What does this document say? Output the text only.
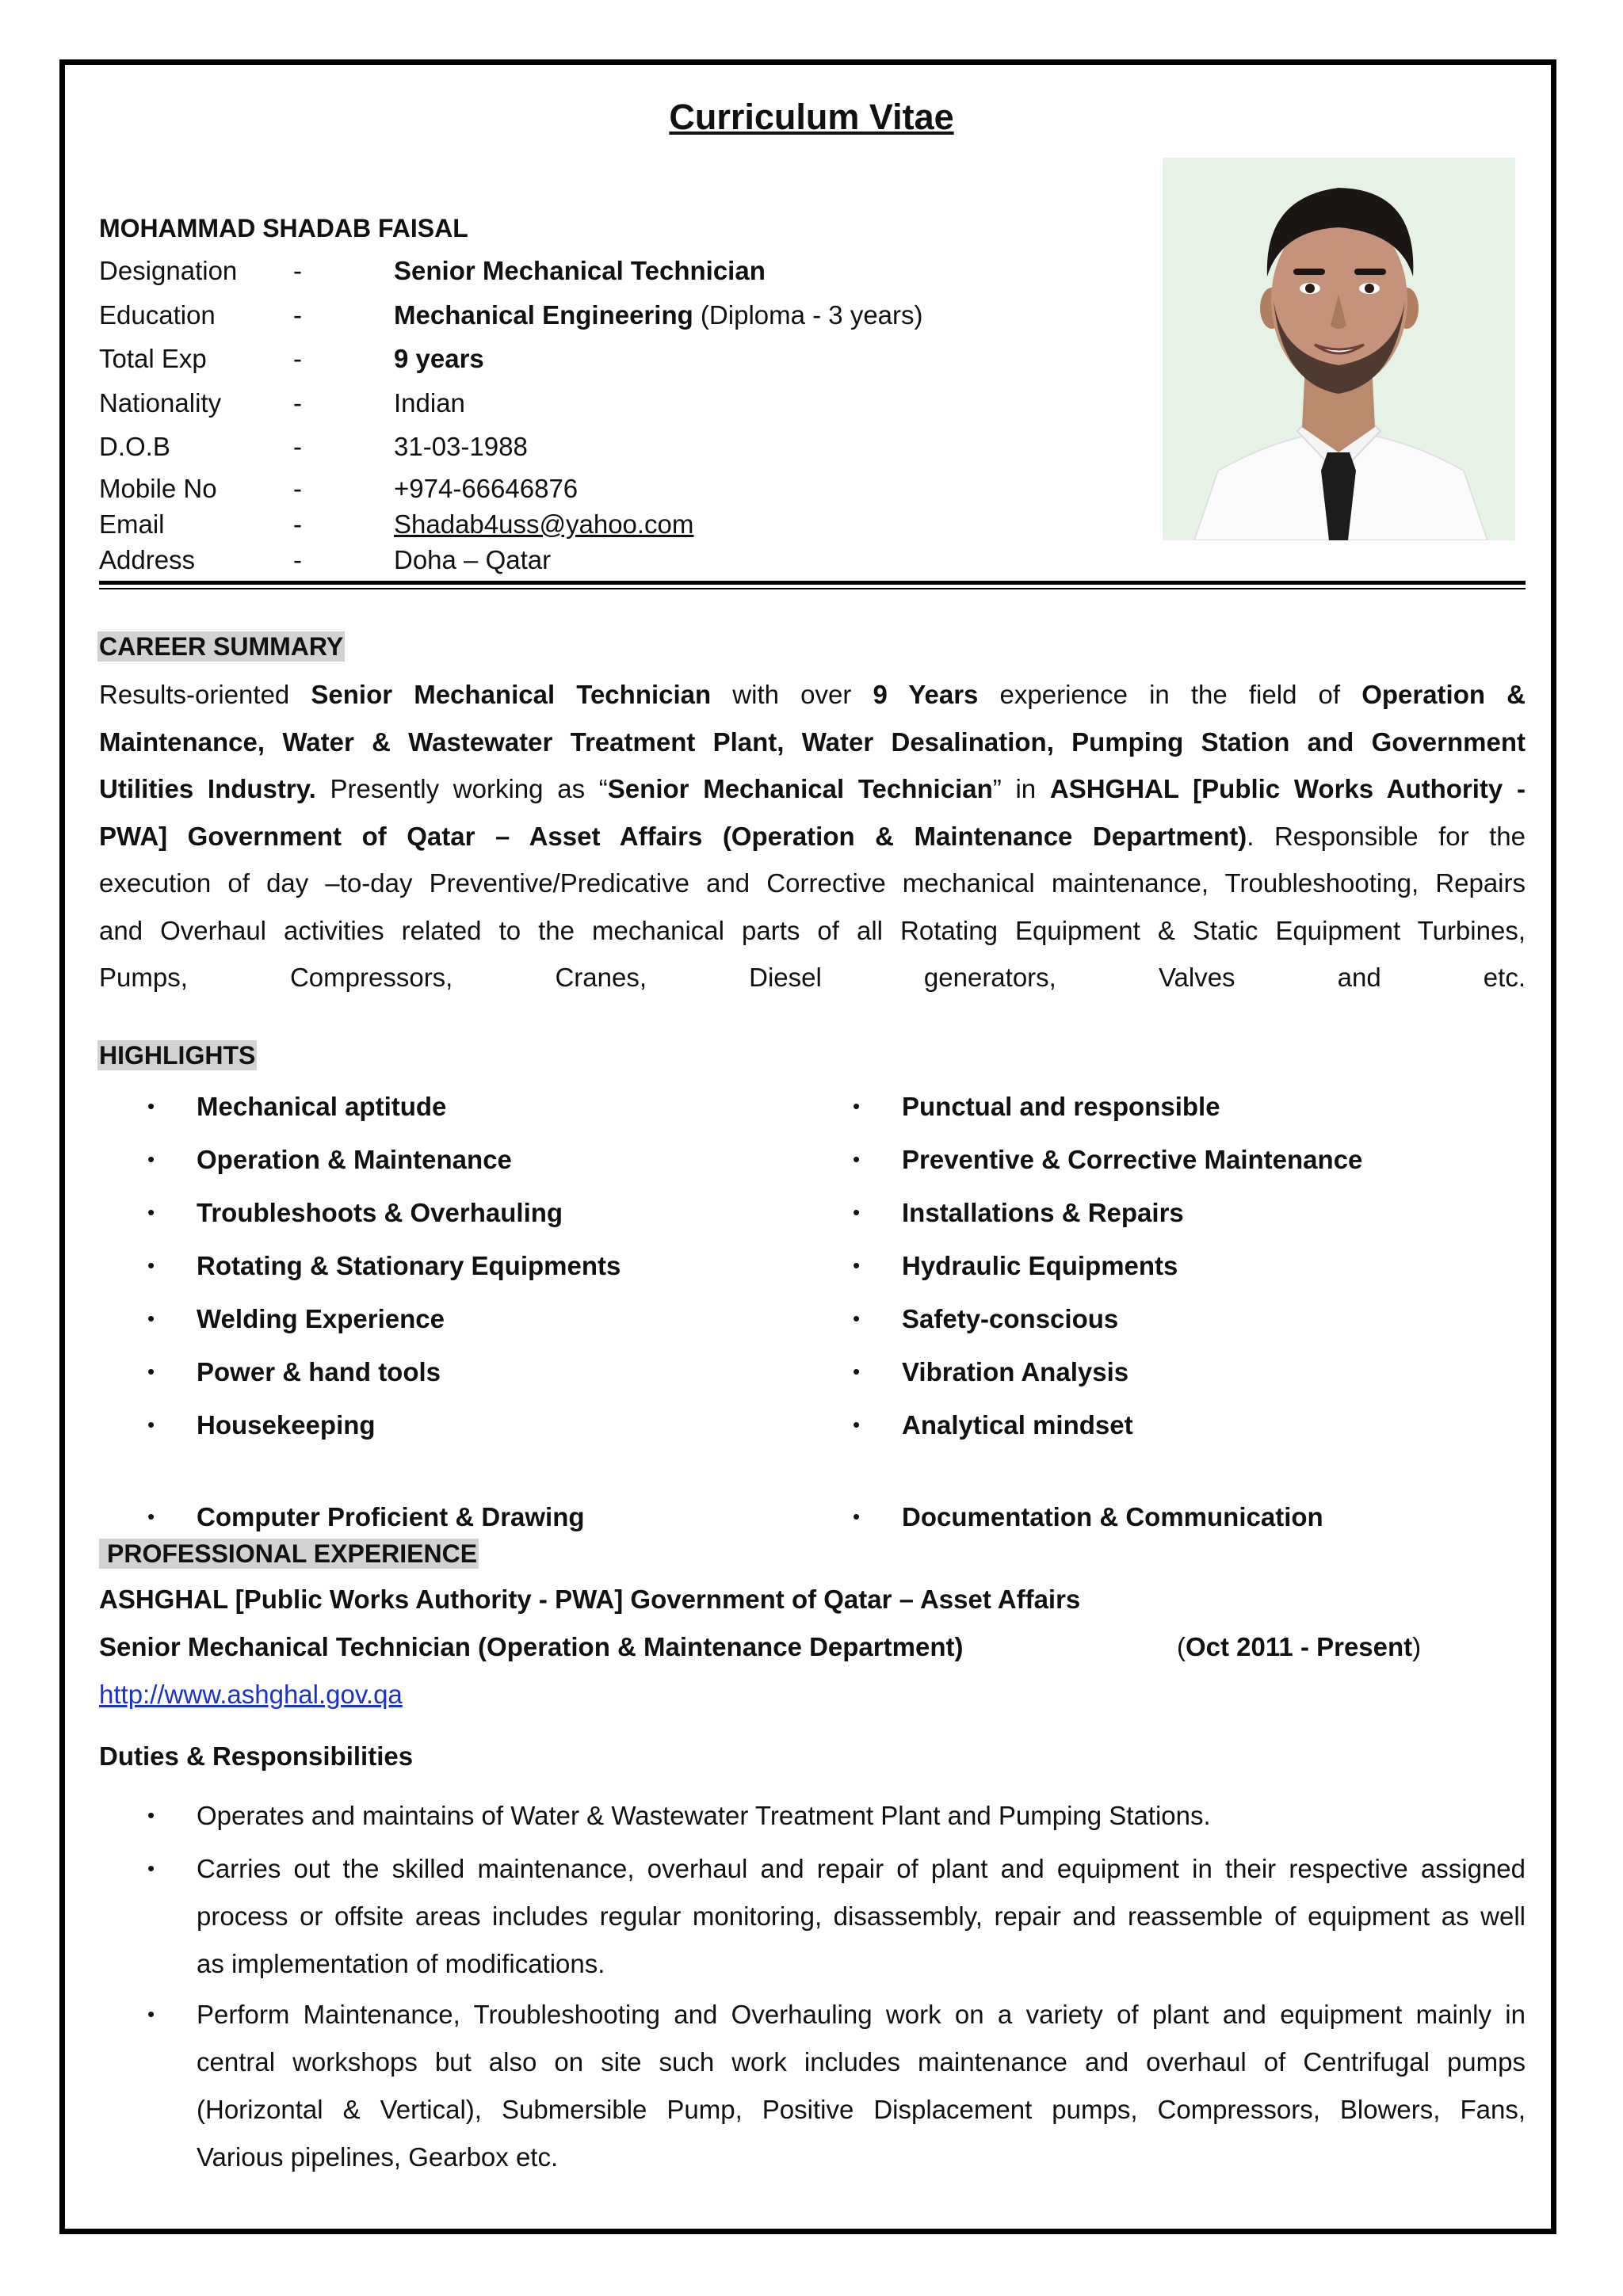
Curriculum Vitae
MOHAMMAD SHADAB FAISAL
Designation -	Senior Mechanical Technician
Education	-	Mechanical Engineering (Diploma - 3 years)
Total Exp	-	9 years
Nationality	-	Indian
D.O.B	-	31-03-1988
Mobile No	-	+974-66646876
Email	-	Shadab4uss@yahoo.com
Address	-	Doha – Qatar
CAREER SUMMARY
Results-oriented Senior Mechanical Technician with over 9 Years experience in the field of Operation &
Maintenance, Water & Wastewater Treatment Plant, Water Desalination, Pumping Station and Government
Utilities Industry. Presently working as “Senior Mechanical Technician” in ASHGHAL [Public Works Authority -
PWA] Government of Qatar – Asset Affairs (Operation & Maintenance Department). Responsible for the
execution of day –to-day Preventive/Predicative and Corrective mechanical maintenance, Troubleshooting, Repairs
and Overhaul activities related to the mechanical parts of all Rotating Equipment & Static Equipment Turbines,
Pumps, Compressors, Cranes, Diesel generators, Valves and etc.
HIGHLIGHTS
• Mechanical aptitude
• Operation & Maintenance
• Troubleshoots & Overhauling
• Rotating & Stationary Equipments
• Welding Experience
• Power & hand tools
• Housekeeping
• Computer Proficient & Drawing
• Punctual and responsible
• Preventive & Corrective Maintenance
• Installations & Repairs
• Hydraulic Equipments
• Safety-conscious
• Vibration Analysis
• Analytical mindset
• Documentation & Communication
PROFESSIONAL EXPERIENCE
ASHGHAL [Public Works Authority - PWA] Government of Qatar – Asset Affairs
Senior Mechanical Technician (Operation & Maintenance Department)	(Oct 2011 - Present)
http://www.ashghal.gov.qa
Duties & Responsibilities
• Operates and maintains of Water & Wastewater Treatment Plant and Pumping Stations.
• Carries out the skilled maintenance, overhaul and repair of plant and equipment in their respective assigned
process or offsite areas includes regular monitoring, disassembly, repair and reassemble of equipment as well
as implementation of modifications.
• Perform Maintenance, Troubleshooting and Overhauling work on a variety of plant and equipment mainly in
central workshops but also on site such work includes maintenance and overhaul of Centrifugal pumps
(Horizontal & Vertical), Submersible Pump, Positive Displacement pumps, Compressors, Blowers, Fans,
Various pipelines, Gearbox etc.
